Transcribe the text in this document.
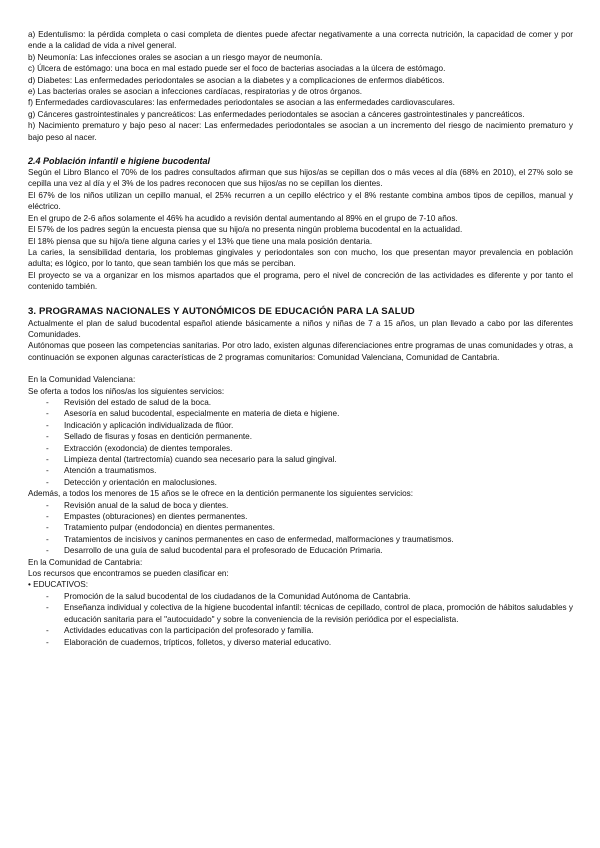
a) Edentulismo: la pérdida completa o casi completa de dientes puede afectar negativamente a una correcta nutrición, la capacidad de comer y por ende a la calidad de vida a nivel general.

b) Neumonía: Las infecciones orales se asocian a un riesgo mayor de neumonía.

c) Úlcera de estómago: una boca en mal estado puede ser el foco de bacterias asociadas a la úlcera de estómago.

d) Diabetes: Las enfermedades periodontales se asocian a la diabetes y a complicaciones de enfermos diabéticos.

e) Las bacterias orales se asocian a infecciones cardíacas, respiratorias y de otros órganos.

f) Enfermedades cardiovasculares: las enfermedades periodontales se asocian a las enfermedades cardiovasculares.

g) Cánceres gastrointestinales y pancreáticos: Las enfermedades periodontales se asocian a cánceres gastrointestinales y pancreáticos.

h) Nacimiento prematuro y bajo peso al nacer: Las enfermedades periodontales se asocian a un incremento del riesgo de nacimiento prematuro y bajo peso al nacer.

2.4 Población infantil e higiene bucodental

Según el Libro Blanco el 70% de los padres consultados afirman que sus hijos/as se cepillan dos o más veces al día (68% en 2010), el 27% solo se cepilla una vez al día y el 3% de los padres reconocen que sus hijos/as no se cepillan los dientes.

El 67% de los niños utilizan un cepillo manual, el 25% recurren a un cepillo eléctrico y el 8% restante combina ambos tipos de cepillos, manual y eléctrico.

En el grupo de 2-6 años solamente el 46% ha acudido a revisión dental aumentando al 89% en el grupo de 7-10 años.

El 57% de los padres según la encuesta piensa que su hijo/a no presenta ningún problema bucodental en la actualidad.

El 18% piensa que su hijo/a tiene alguna caries y el 13% que tiene una mala posición dentaria.

La caries, la sensibilidad dentaria, los problemas gingivales y periodontales son con mucho, los que presentan mayor prevalencia en población adulta; es lógico, por lo tanto, que sean también los que más se perciban.

El proyecto se va a organizar en los mismos apartados que el programa, pero el nivel de concreción de las actividades es diferente y por tanto el contenido también.

3. PROGRAMAS NACIONALES Y AUTONÓMICOS DE EDUCACIÓN PARA LA SALUD

Actualmente el plan de salud bucodental español atiende básicamente a niños y niñas de 7 a 15 años, un plan llevado a cabo por las diferentes Comunidades.

Autónomas que poseen las competencias sanitarias. Por otro lado, existen algunas diferenciaciones entre programas de unas comunidades y otras, a continuación se exponen algunas características de 2 programas comunitarios: Comunidad Valenciana, Comunidad de Cantabria.

En la Comunidad Valenciana:

Se oferta a todos los niños/as los siguientes servicios:

- Revisión del estado de salud de la boca.
- Asesoría en salud bucodental, especialmente en materia de dieta e higiene.
- Indicación y aplicación individualizada de flúor.
- Sellado de fisuras y fosas en dentición permanente.
- Extracción (exodoncia) de dientes temporales.
- Limpieza dental (tartrectomía) cuando sea necesario para la salud gingival.
- Atención a traumatismos.
- Detección y orientación en maloclusiones.

Además, a todos los menores de 15 años se le ofrece en la dentición permanente los siguientes servicios:

- Revisión anual de la salud de boca y dientes.
- Empastes (obturaciones) en dientes permanentes.
- Tratamiento pulpar (endodoncia) en dientes permanentes.
- Tratamientos de incisivos y caninos permanentes en caso de enfermedad, malformaciones y traumatismos.
- Desarrollo de una guía de salud bucodental para el profesorado de Educación Primaria.

En la Comunidad de Cantabria:

Los recursos que encontramos se pueden clasificar en:

• EDUCATIVOS:

- Promoción de la salud bucodental de los ciudadanos de la Comunidad Autónoma de Cantabria.
- Enseñanza individual y colectiva de la higiene bucodental infantil: técnicas de cepillado, control de placa, promoción de hábitos saludables y educación sanitaria para el "autocuidado" y sobre la conveniencia de la revisión periódica por el especialista.
- Actividades educativas con la participación del profesorado y familia.
- Elaboración de cuadernos, trípticos, folletos, y diverso material educativo.
